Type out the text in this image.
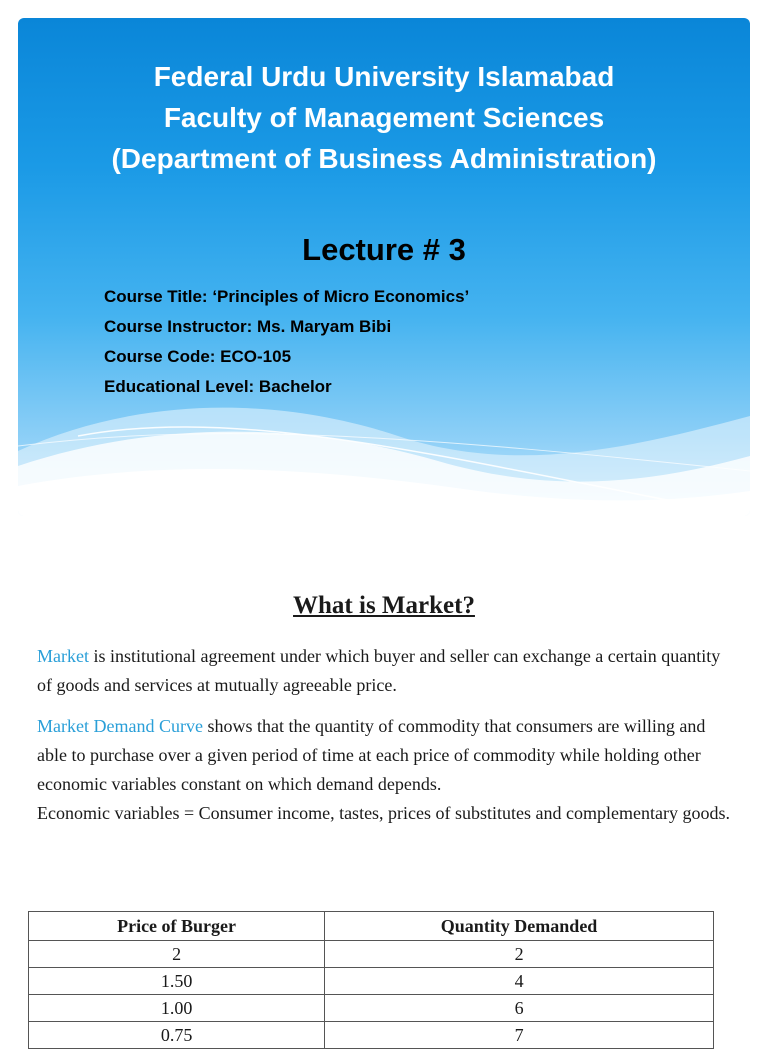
Federal Urdu University Islamabad
Faculty of Management Sciences
(Department of Business Administration)
Lecture # 3
Course Title: ‘Principles of Micro Economics’
Course Instructor: Ms. Maryam Bibi
Course Code: ECO-105
Educational Level: Bachelor
What is Market?

Market is institutional agreement under which buyer and seller can exchange a certain quantity of goods and services at mutually agreeable price.

Market Demand Curve shows that the quantity of commodity that consumers are willing and able to purchase over a given period of time at each price of commodity while holding other economic variables constant on which demand depends.
Economic variables = Consumer income, tastes, prices of substitutes and complementary goods.

Price of Burger	Quantity Demanded
2	2
1.50	4
1.00	6
0.75	7
